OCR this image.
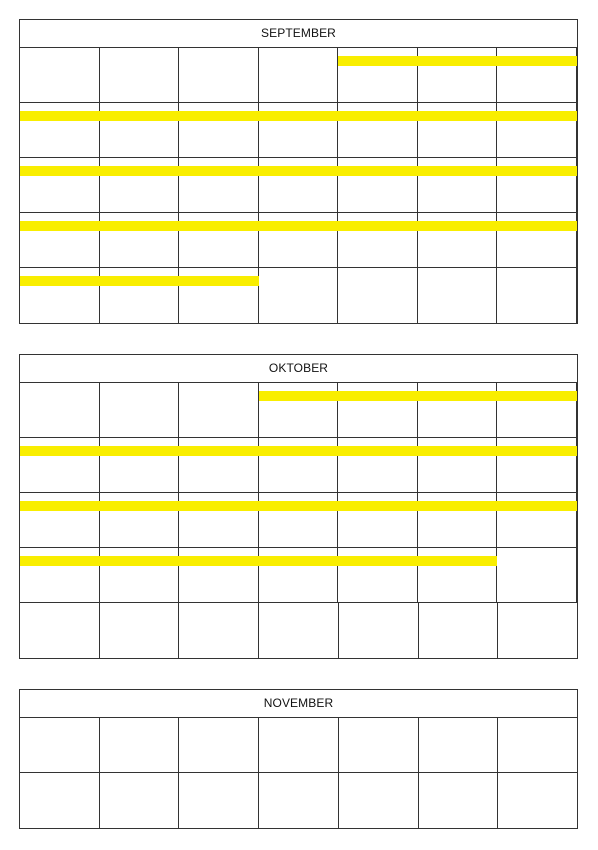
SEPTEMBER
OKTOBER
NOVEMBER
